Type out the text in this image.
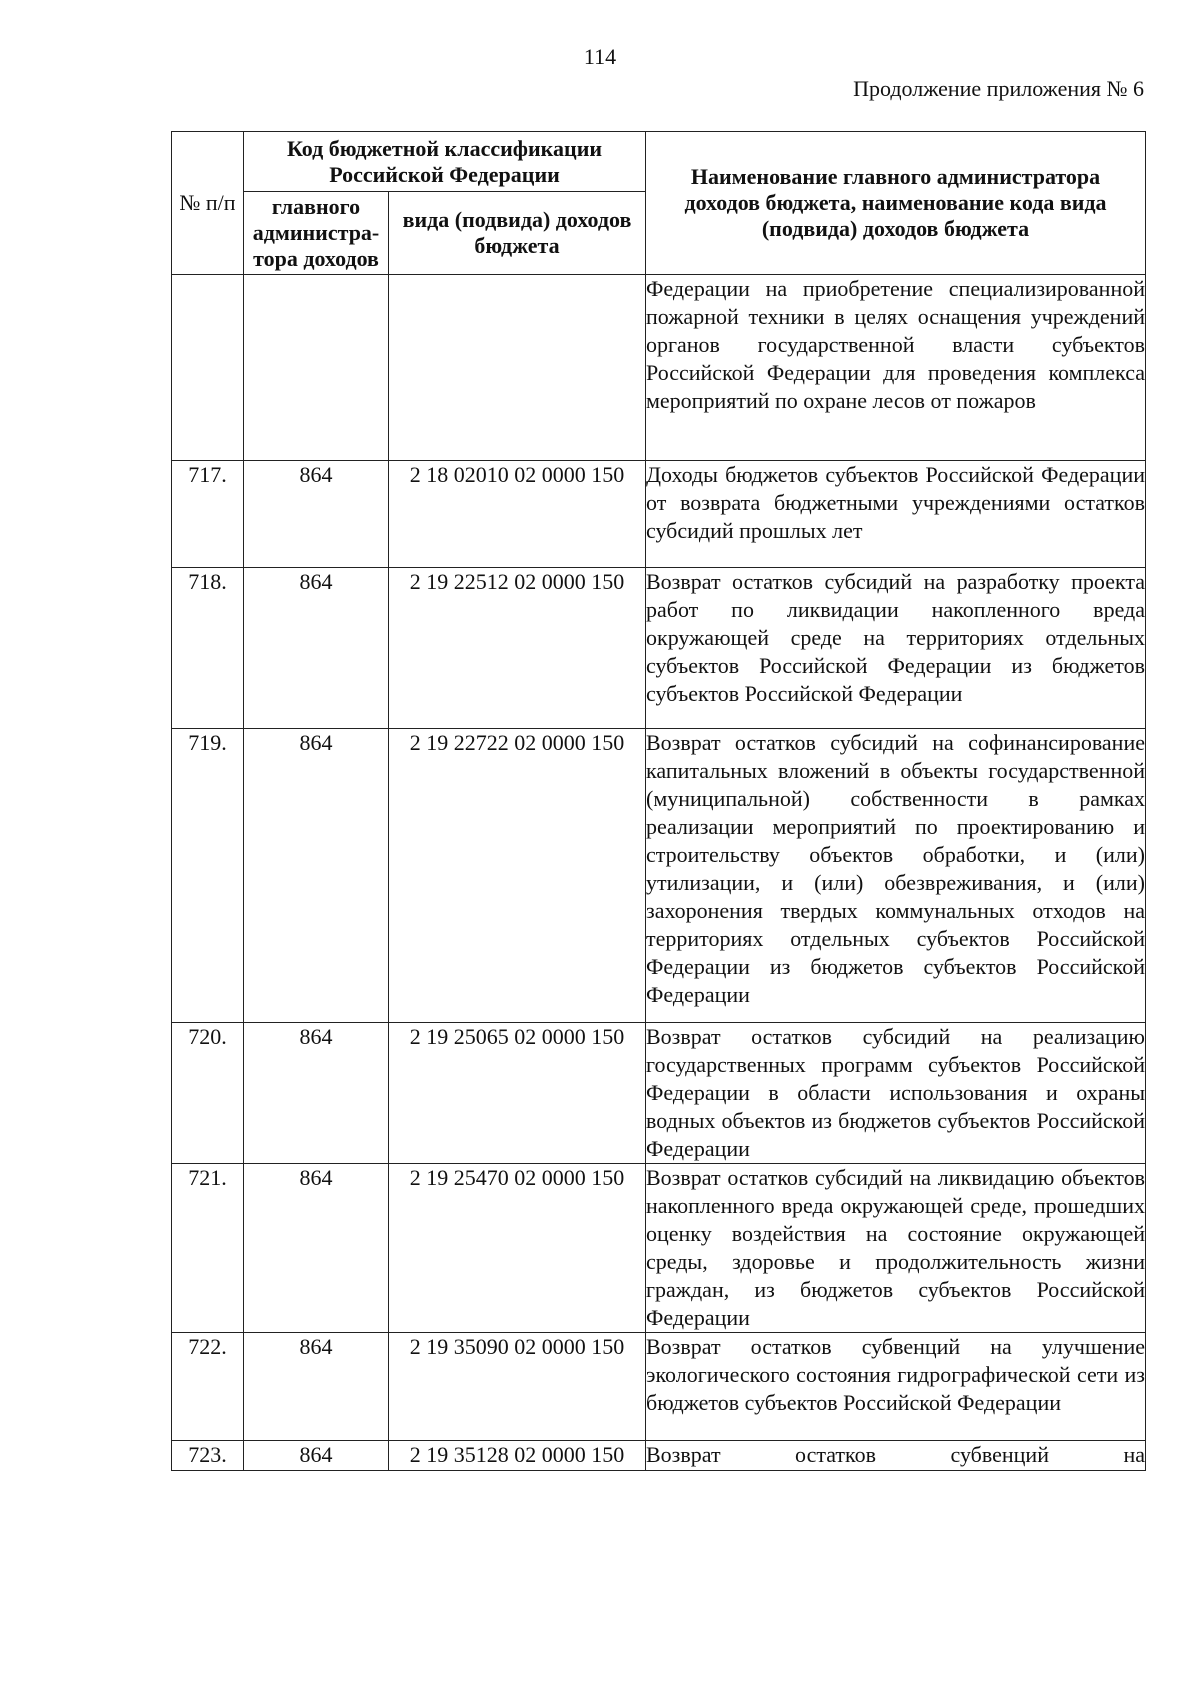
114
Продолжение приложения № 6
№ п/п	Код бюджетной классификации Российской Федерации		Наименование главного администратора доходов бюджета, наименование кода вида (подвида) доходов бюджета
	главного администра-тора доходов	вида (подвида) доходов бюджета	
			Федерации на приобретение специализированной пожарной техники в целях оснащения учреждений органов государственной власти субъектов Российской Федерации для проведения комплекса мероприятий по охране лесов от пожаров
717.	864	2 18 02010 02 0000 150	Доходы бюджетов субъектов Российской Федерации от возврата бюджетными учреждениями остатков субсидий прошлых лет
718.	864	2 19 22512 02 0000 150	Возврат остатков субсидий на разработку проекта работ по ликвидации накопленного вреда окружающей среде на территориях отдельных субъектов Российской Федерации из бюджетов субъектов Российской Федерации
719.	864	2 19 22722 02 0000 150	Возврат остатков субсидий на софинансирование капитальных вложений в объекты государственной (муниципальной) собственности в рамках реализации мероприятий по проектированию и строительству объектов обработки, и (или) утилизации, и (или) обезвреживания, и (или) захоронения твердых коммунальных отходов на территориях отдельных субъектов Российской Федерации из бюджетов субъектов Российской Федерации
720.	864	2 19 25065 02 0000 150	Возврат остатков субсидий на реализацию государственных программ субъектов Российской Федерации в области использования и охраны водных объектов из бюджетов субъектов Российской Федерации
721.	864	2 19 25470 02 0000 150	Возврат остатков субсидий на ликвидацию объектов накопленного вреда окружающей среде, прошедших оценку воздействия на состояние окружающей среды, здоровье и продолжительность жизни граждан, из бюджетов субъектов Российской Федерации
722.	864	2 19 35090 02 0000 150	Возврат остатков субвенций на улучшение экологического состояния гидрографической сети из бюджетов субъектов Российской Федерации
723.	864	2 19 35128 02 0000 150	Возврат остатков субвенций на
